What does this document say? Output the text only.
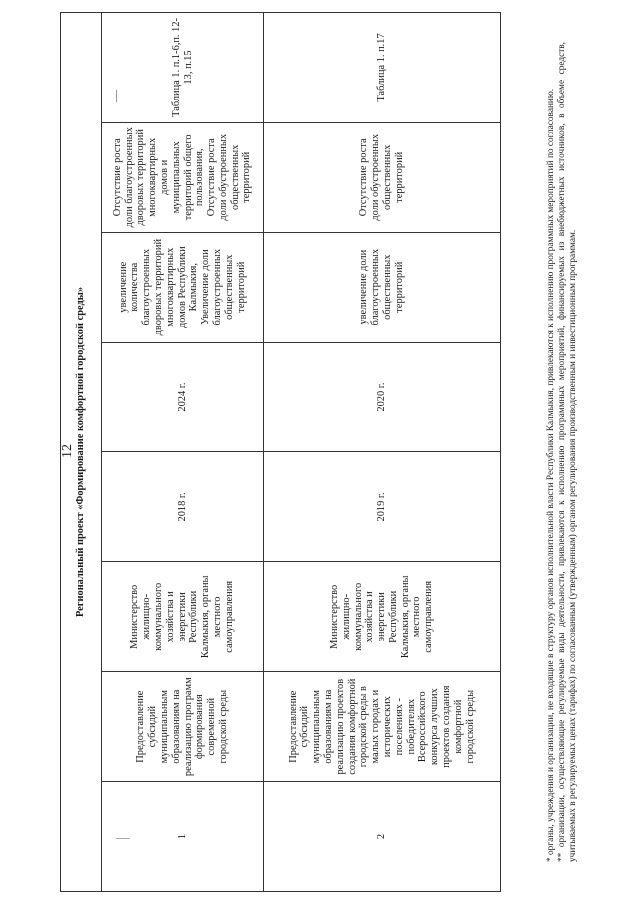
12 Региональный проект «Формирование комфортной городской среды»							
1	Предоставление субсидий муниципальным образованиям на реализацию программ формирования современной городской среды	Министерство жилищно-коммунального хозяйства и энергетики Республики Калмыкия, органы местного самоуправления	2018 г.	2024 г.	увеличение количества благоустроенных дворовых территорий многоквартирных домов Республики Калмыкия, Увеличение доли благоустроенных общественных территорий	Отсутствие роста доли благоустроенных дворовых территорий многоквартирных домов и муниципальных территорий общего пользования, Отсутствие роста доли обустроенных общественных территорий	Таблица 1. п.1-6,п. 12-13, п.15
2	Предоставление субсидий муниципальным образованиям на реализацию проектов создания комфортной городской среды в малых городах и исторических поселениях - победителях Всероссийского конкурса лучших проектов создания комфортной городской среды	Министерство жилищно-коммунального хозяйства и энергетики Республики Калмыкия, органы местного самоуправления	2019 г.	2020 г.	увеличение доли благоустроенных общественных территорий	Отсутствие роста доли обустроенных общественных территорий	Таблица 1. п.17

* органы, учреждения и организации, не входящие в структуру органов исполнительной власти Республики Калмыкия, привлекаются к исполнению программных мероприятий по согласованию. ** организации, осуществляющие регулируемые виды деятельности, привлекаются к исполнению программных мероприятий, финансируемых из внебюджетных источников, в объеме средств, учитываемых в регулируемых ценах (тарифах) по согласованным (утвержденным) органом регулирования производственным и инвестиционным программам.
